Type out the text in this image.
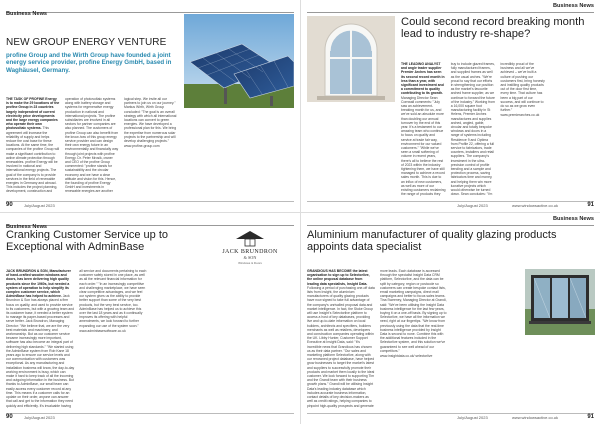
Business News
NEW GROUP ENERGY VENTURE
profine Group and the Wirth Group have founded a joint energy service provider, profine Energy GmbH, based in Waghäusel, Germany.

THE TASK OF PROFINE Energy is to make the 29 locations of the profine Group in 23 countries largely independent of current electricity price developments and the large energy companies who operate their own photovoltaic systems. This agreement will increase the reliability of supply and helps reduce the cost base for these locations. At the same time, the companies of the profine Group will make a significant contribution to active climate protection through renewables. profine Energy will be involved in national and international energy projects. The goal of the company is to provide services in the field of renewable energies in Germany and abroad. This includes the project planning, development, construction and operation of photovoltaic systems along with battery storage and systems for regenerative energy production in national and international projects. The profine subsidiaries are involved in all sectors for partner companies are also planned. The customers of profine Group can also benefit from the know-how of this group energy service provider and can design their own energy future in an environmentally and financially way through joint projects with profine Energy. Dr. Peter Mrosik, owner and CEO of the profine Group commented: "profine stands for sustainability and the circular economy and we have a clear attitude and vision for this. Hence, the founding of profine Energy GmbH and investments in renewable energies are another logical step. We invite all our partners to join us on our journey." Markus Wirth, Wirth Group concluded: "The goal is an overall strategy with which all international locations can convert to green energies. We have developed a professional plan for this. We bring the expertise from numerous solar projects to the partnership and will develop challenging projects."

www.profine-group.com

90	July/August 2023
Business News
Could second record breaking month lead to industry re-shape?

THE LEADING ANALYST and angle trader supplier Premier Arches has seen its second record month in less than a year, with significant investment and a commitment to quality contributing to its growth. Managing Director Sean Cornwall comments: "July saw an achievement-breaking month for us, and we've sold an absolute more than doubling our annual turnover by the end of this year. It's a testament to our amazing team who continue to focus on quality and service at trade fair way, environment for our valued customers." "While we've seen a small softening of volume in recent years, there's all to believe the rest of 2023 within the industry tightening them, we have still managed to achieve a record sales month. This is due to an influx of new customers, as well as more of our existing customers reclaiming the range of products they buy to include glazed frames, fully manufactured frames, and supplied frames as well as the usual arches. "We're proud to say that our efforts in strengthening our position as the market's favourite arched frame supplier, as we continue to forward the future of the industry." Working from a 16,000 square foot manufacturing facility in St Helens, Premier Arches manufactures and supplies arched, angled, gable, circular and totally bespoke windows and doors in a range of systems including Residence 9 and Optima from Profile 22, offering a full service to fabricators, trade counters, installers and retail suppliers. The company's investment in the ultra-precision control of profile bending and a sample and protection process, saving fabricators time and money, and helping them win more lucrative projects which would otherwise be turned down. Sean concludes: "I'm incredibly proud of the business and all we've achieved – we've built a culture of pushing our customers first, bring honesty and instilling quality products out of the door first time, every time. That culture has been a big part of our success, and will continue to do so as we grow even further."

www.premierarches.co.uk

July/August 2023	www.windowsactive.co.uk	91
Business News
Cranking Customer Service up to Exceptional with AdminBase	JACK BRUNDRON
& SON
Windows & Doors

JACK BRUNDRON & SON, Manufacturer of hand-crafted wooden windows and doors, has been delivering high quality products since the 1960s, but needed a system of operation to help simplify its complex customer service, which AdminBase has helped to achieve. Jack Brundron & Son has always placed a firm focus on quality, and used to provide service to its customers, but with a growing team and its customer base, it needed a better system to manage its paper-based processes and serve better. Jack Brundron, Managing Director: "We believe that, we are the very best materials and machinery, and workmanship. But as our customer service became increasingly more important, software has also become an integral part of delivering high standards." "We started using the AdminBase system from Rob Kane 18 years ago to ensure our service levels and our communication with customers was exceptional. As any manufacturing and installation business will know, the day-to-day working environment is busy, which can make it hard to keep track of all the incoming and outgoing information in the business. But thanks to AdminBase, our small team can easily access every customer record at any time. This means if a customer calls for an update on their order, anyone can answer that call and get to the information they need quickly and efficiently. It's invaluable having all service and documents pertaining to each customer safely stored in one place, as well as all the relevant financial information for each order." "In an increasingly competitive and challenging marketplace, we have seen clear competitive advantages, and we feel our system gives us the ability to provide better support than some of the very best products, but the very best service, too. AdminBase has helped us to achieve this over the last 18 years and as it continually improves its offering with helpful amendments, we look forward to further expanding our use of the system soon."

www.adminbasesoftware.co.uk

90	July/August 2023
Business News
Aluminium manufacturer of quality glazing products appoints data specialist

GRANDIOUS HAS BECOME the latest organisation to sign up to Selectorlive, the online proposal database from leading data specialists, Insight Data. Following a period of purchasing one-off data lists from Insight, the aluminium manufacturers of quality glazing products have now signed to take full advantage of the company's unrivalled proposal data and market intelligence. In fact, the Stoke Group will use Insight's Selectorlive platform to access a host of key databases, providing live and up-to-date information on local builders, architects and specifiers, builders merchants as well as retailers, developers and construction companies operating within the UK. Libby Hunter, Customer Support Executive at Insight Data, said: "It's incredible news that Grandious has chosen us as their data partner. "Our sales and marketing platform Selectorlive, along with our renowned project database, have helped grow businesses to target the market's latest and suppliers to successfully promote their products and market them locally to the ideal customer. We look forward to supporting Tim and the Grandi team with their business growth plans." Grandi will be utilising Insight Data's leading industry database which includes accurate business information, contact details of key decision-makers as well as credit ratings, helping companies to pinpoint high-quality prospects and generate more leads. Each database is accessed through the specialist Insight Data CRM platform, Selectorlive, and the data can be split by category, region or postcode so customers can create bespoke contact lists, email marketing campaigns, direct mail campaigns and better to focus sales teams. Tina Sweeney, Managing Director at Grandi, said: "We've been utilising the Insight Data business intelligence for the last few years, buying it on a one-off basis. By signing up to Selectorlive, we have all the information we need, right at our fingertips. "We know from previously using the data that the real-time business intelligence provided by Insight Data is second to none. Combine this with the additional features included in the Selectorlive system, and this solution we've guaranteed to see well ahead of our competitors."

www.insightdata.co.uk/ selectorlive

July/August 2023	www.windowsactive.co.uk	91
